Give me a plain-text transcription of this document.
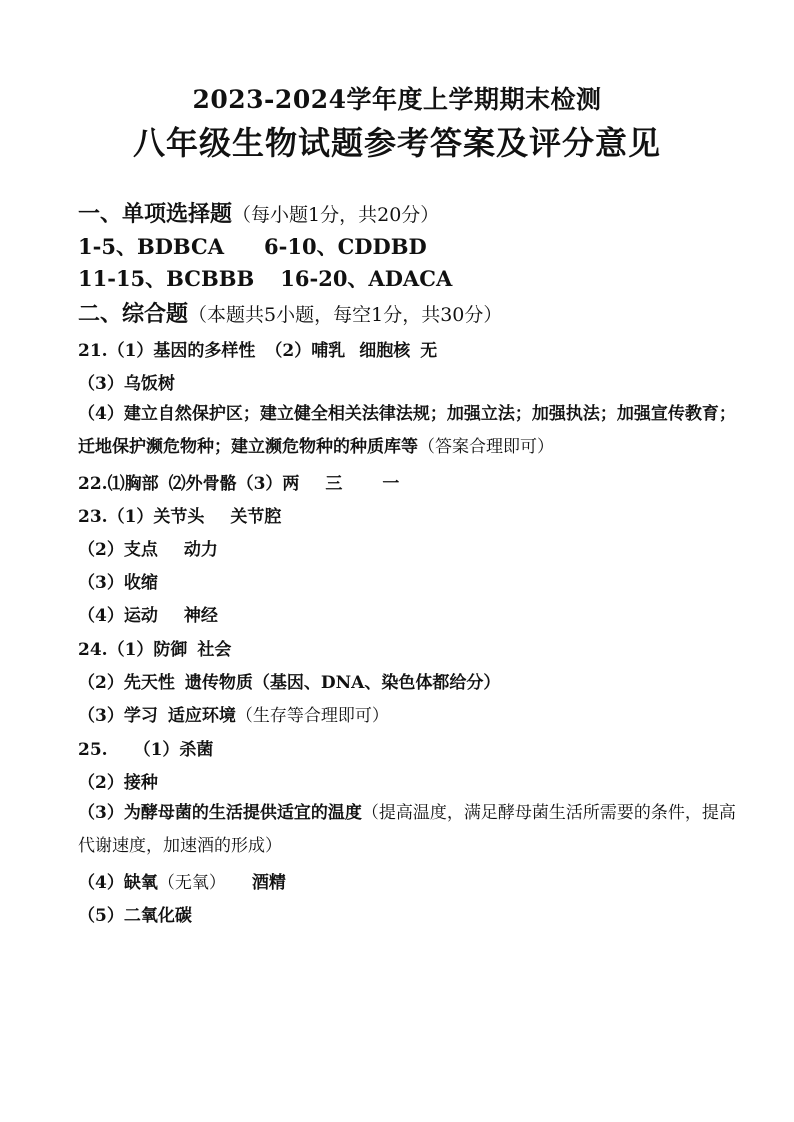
2023-2024学年度上学期期末检测
八年级生物试题参考答案及评分意见
一、单项选择题（每小题1分，共20分）
1-5、BDBCA 6-10、CDDBD
11-15、BCBBB 16-20、ADACA
二、综合题（本题共5小题，每空1分，共30分）
21.（1）基因的多样性 （2）哺乳 细胞核 无
（3）乌饭树
（4）建立自然保护区；建立健全相关法律法规；加强立法；加强执法；加强宣传教育；迁地保护濒危物种；建立濒危物种的种质库等（答案合理即可）
22.⑴胸部 ⑵外骨骼（3）两 三 一
23.（1）关节头 关节腔
（2）支点 动力
（3）收缩
（4）运动 神经
24.（1）防御 社会
（2）先天性 遗传物质（基因、DNA、染色体都给分）
（3）学习 适应环境（生存等合理即可）
25. （1）杀菌
（2）接种
（3）为酵母菌的生活提供适宜的温度（提高温度，满足酵母菌生活所需要的条件，提高代谢速度，加速酒的形成）
（4）缺氧（无氧） 酒精
（5）二氧化碳
